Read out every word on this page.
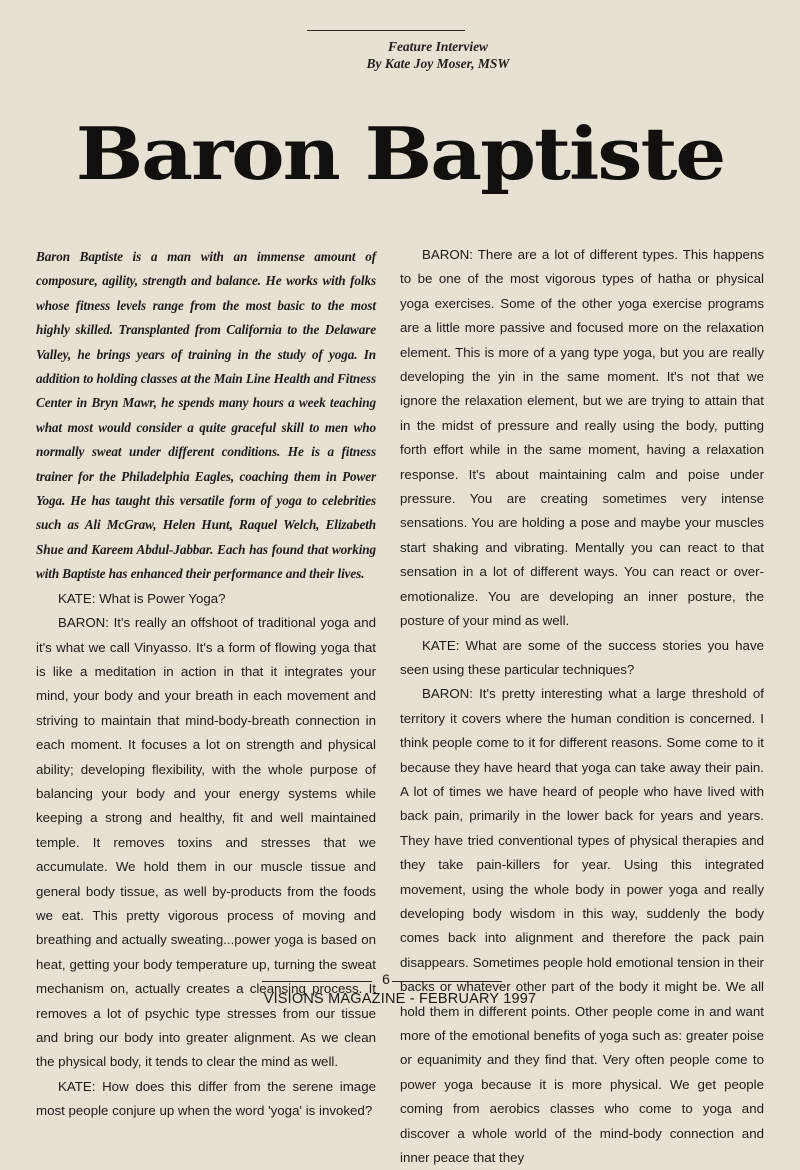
Feature Interview
By Kate Joy Moser, MSW
Baron Baptiste

Baron Baptiste is a man with an immense amount of composure, agility, strength and balance. He works with folks whose fitness levels range from the most basic to the most highly skilled. Transplanted from California to the Delaware Valley, he brings years of training in the study of yoga. In addition to holding classes at the Main Line Health and Fitness Center in Bryn Mawr, he spends many hours a week teaching what most would consider a quite graceful skill to men who normally sweat under different conditions. He is a fitness trainer for the Philadelphia Eagles, coaching them in Power Yoga. He has taught this versatile form of yoga to celebrities such as Ali McGraw, Helen Hunt, Raquel Welch, Elizabeth Shue and Kareem Abdul-Jabbar. Each has found that working with Baptiste has enhanced their performance and their lives.

KATE: What is Power Yoga?

BARON: It's really an offshoot of traditional yoga and it's what we call Vinyasso. It's a form of flowing yoga that is like a meditation in action in that it integrates your mind, your body and your breath in each movement and striving to maintain that mind-body-breath connection in each moment. It focuses a lot on strength and physical ability; developing flexibility, with the whole purpose of balancing your body and your energy systems while keeping a strong and healthy, fit and well maintained temple. It removes toxins and stresses that we accumulate. We hold them in our muscle tissue and general body tissue, as well by-products from the foods we eat. This pretty vigorous process of moving and breathing and actually sweating...power yoga is based on heat, getting your body temperature up, turning the sweat mechanism on, actually creates a cleansing process. It removes a lot of psychic type stresses from our tissue and bring our body into greater alignment. As we clean the physical body, it tends to clear the mind as well.

KATE: How does this differ from the serene image most people conjure up when the word 'yoga' is invoked?

BARON: There are a lot of different types. This happens to be one of the most vigorous types of hatha or physical yoga exercises. Some of the other yoga exercise programs are a little more passive and focused more on the relaxation element. This is more of a yang type yoga, but you are really developing the yin in the same moment. It's not that we ignore the relaxation element, but we are trying to attain that in the midst of pressure and really using the body, putting forth effort while in the same moment, having a relaxation response. It's about maintaining calm and poise under pressure. You are creating sometimes very intense sensations. You are holding a pose and maybe your muscles start shaking and vibrating. Mentally you can react to that sensation in a lot of different ways. You can react or over-emotionalize. You are developing an inner posture, the posture of your mind as well.

KATE: What are some of the success stories you have seen using these particular techniques?

BARON: It's pretty interesting what a large threshold of territory it covers where the human condition is concerned. I think people come to it for different reasons. Some come to it because they have heard that yoga can take away their pain. A lot of times we have heard of people who have lived with back pain, primarily in the lower back for years and years. They have tried conventional types of physical therapies and they take pain-killers for year. Using this integrated movement, using the whole body in power yoga and really developing body wisdom in this way, suddenly the body comes back into alignment and therefore the pack pain disappears. Sometimes people hold emotional tension in their backs or whatever other part of the body it might be. We all hold them in different points. Other people come in and want more of the emotional benefits of yoga such as: greater poise or equanimity and they find that. Very often people come to power yoga because it is more physical. We get people coming from aerobics classes who come to yoga and discover a whole world of the mind-body connection and inner peace that they

6
VISIONS MAGAZINE - FEBRUARY 1997
